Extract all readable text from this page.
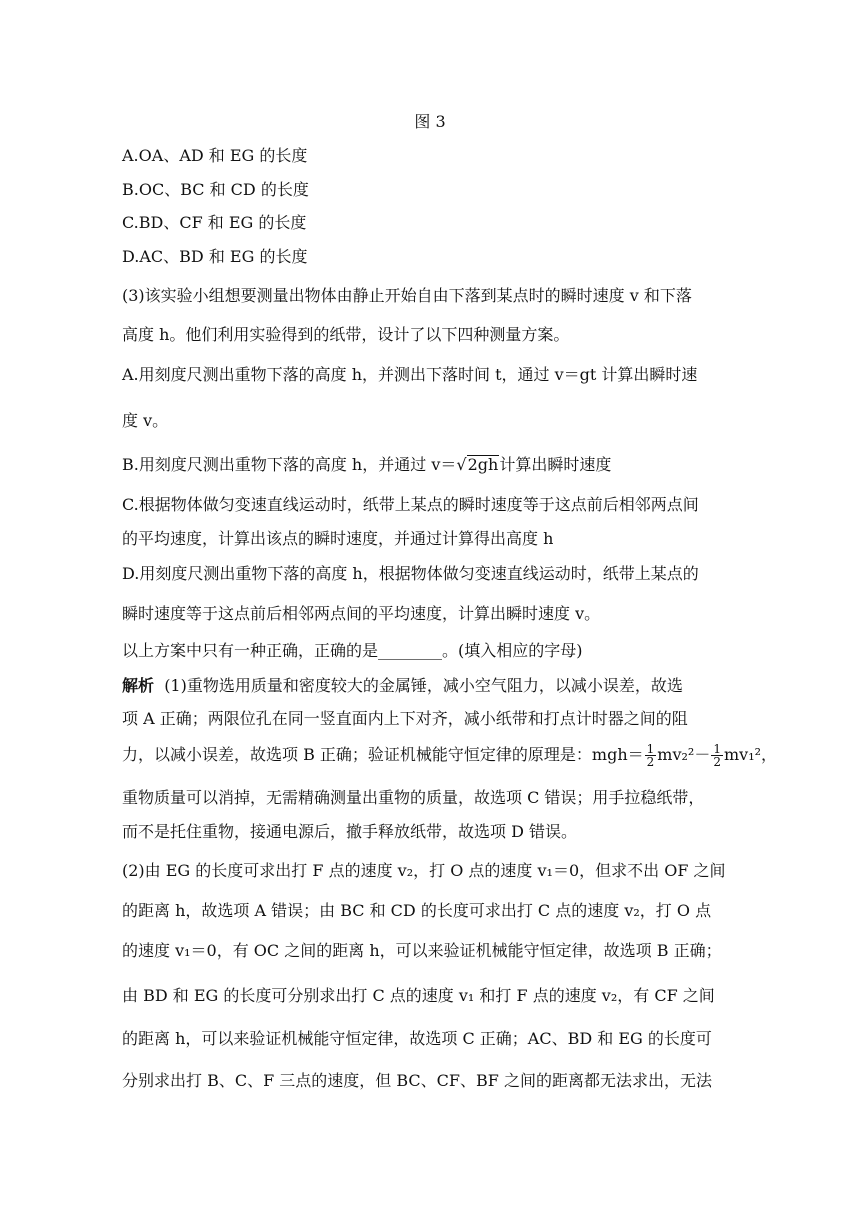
图 3
A.OA、AD 和 EG 的长度
B.OC、BC 和 CD 的长度
C.BD、CF 和 EG 的长度
D.AC、BD 和 EG 的长度
(3)该实验小组想要测量出物体由静止开始自由下落到某点时的瞬时速度 v 和下落
高度 h。他们利用实验得到的纸带，设计了以下四种测量方案。
A.用刻度尺测出重物下落的高度 h，并测出下落时间 t，通过 v＝gt 计算出瞬时速
度 v。
B.用刻度尺测出重物下落的高度 h，并通过 v＝√2gh计算出瞬时速度
C.根据物体做匀变速直线运动时，纸带上某点的瞬时速度等于这点前后相邻两点间
的平均速度，计算出该点的瞬时速度，并通过计算得出高度 h
D.用刻度尺测出重物下落的高度 h，根据物体做匀变速直线运动时，纸带上某点的
瞬时速度等于这点前后相邻两点间的平均速度，计算出瞬时速度 v。
以上方案中只有一种正确，正确的是________。(填入相应的字母)
解析 (1)重物选用质量和密度较大的金属锤，减小空气阻力，以减小误差，故选
项 A 正确；两限位孔在同一竖直面内上下对齐，减小纸带和打点计时器之间的阻
力，以减小误差，故选项 B 正确；验证机械能守恒定律的原理是：$mgh= \frac{1}{2} mv_2^2- \frac{1}{2} mv_1^2$，
重物质量可以消掉，无需精确测量出重物的质量，故选项 C 错误；用手拉稳纸带，
而不是托住重物，接通电源后，撤手释放纸带，故选项 D 错误。
(2)由 EG 的长度可求出打 F 点的速度 v₂，打 O 点的速度 v₁＝0，但求不出 OF 之间
的距离 h，故选项 A 错误；由 BC 和 CD 的长度可求出打 C 点的速度 v₂，打 O 点
的速度 v₁＝0，有 OC 之间的距离 h，可以来验证机械能守恒定律，故选项 B 正确；
由 BD 和 EG 的长度可分别求出打 C 点的速度 v₁ 和打 F 点的速度 v₂，有 CF 之间
的距离 h，可以来验证机械能守恒定律，故选项 C 正确；AC、BD 和 EG 的长度可
分别求出打 B、C、F 三点的速度，但 BC、CF、BF 之间的距离都无法求出，无法
